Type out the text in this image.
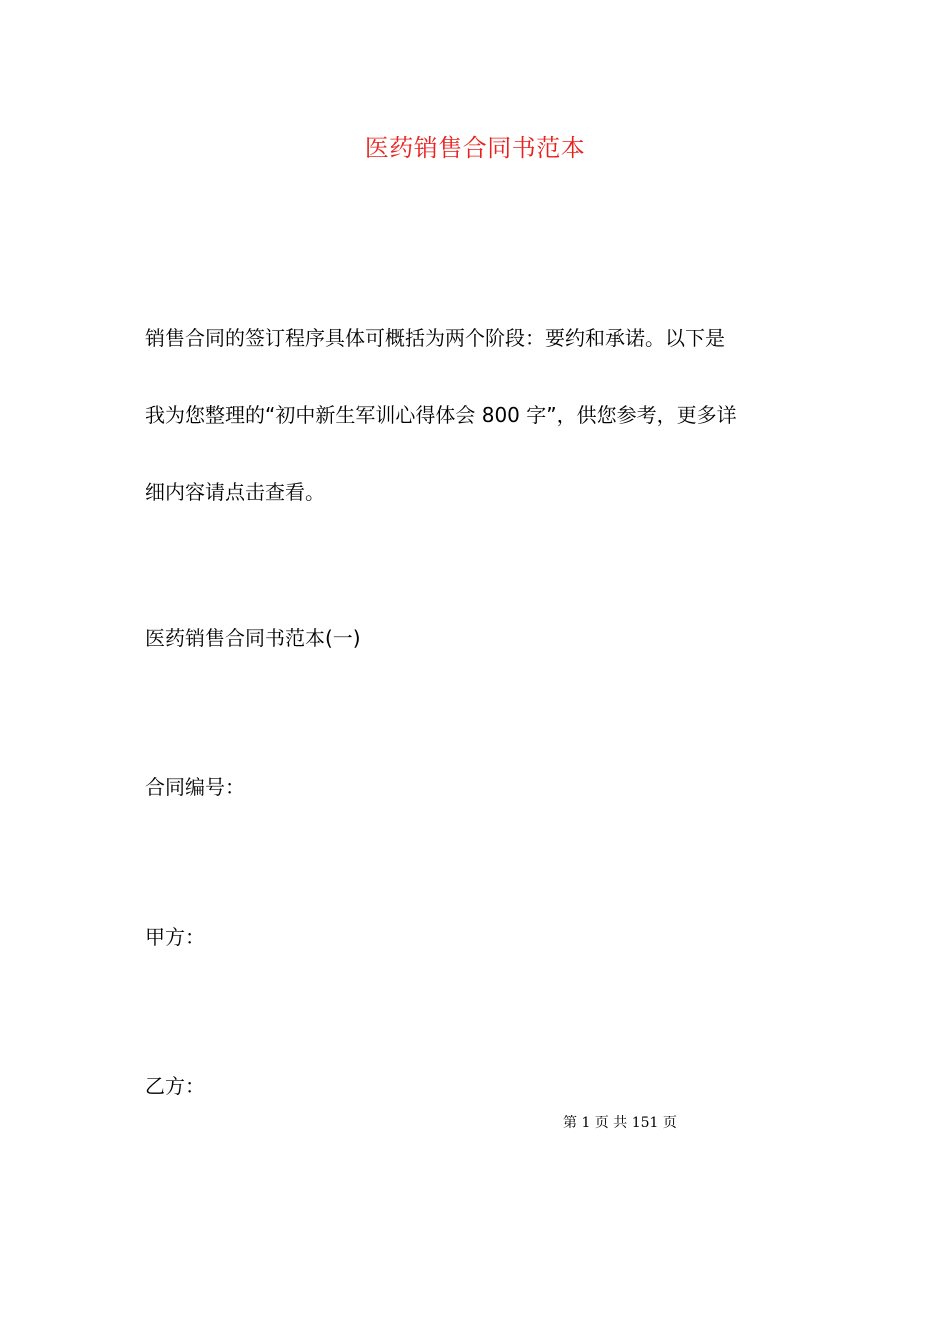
医药销售合同书范本
销售合同的签订程序具体可概括为两个阶段：要约和承诺。以下是
我为您整理的“初中新生军训心得体会 800 字”，供您参考，更多详
细内容请点击查看。
医药销售合同书范本(一)
合同编号：
甲方：
乙方：
第 1 页 共 151 页
